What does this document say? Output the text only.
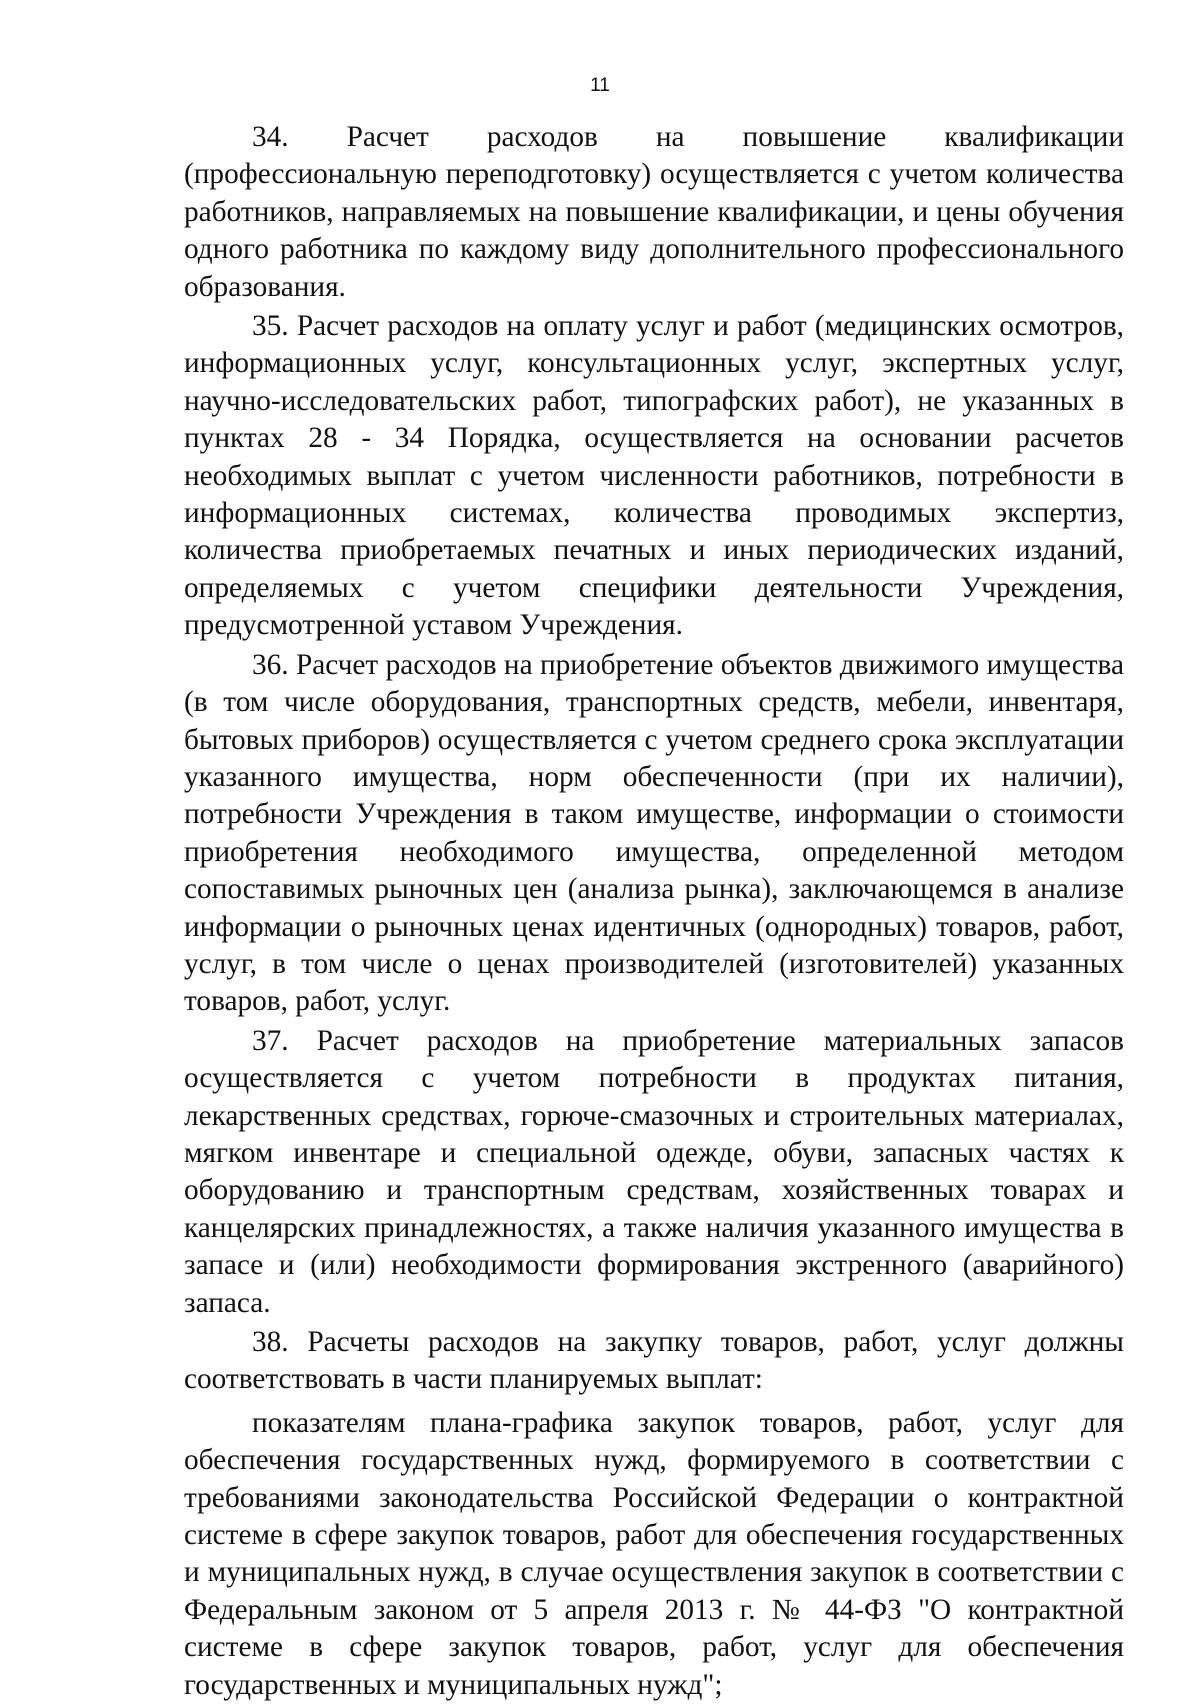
11

34. Расчет расходов на повышение квалификации (профессиональную переподготовку) осуществляется с учетом количества работников, направляемых на повышение квалификации, и цены обучения одного работника по каждому виду дополнительного профессионального образования.

35. Расчет расходов на оплату услуг и работ (медицинских осмотров, информационных услуг, консультационных услуг, экспертных услуг, научно-исследовательских работ, типографских работ), не указанных в пунктах 28 - 34 Порядка, осуществляется на основании расчетов необходимых выплат с учетом численности работников, потребности в информационных системах, количества проводимых экспертиз, количества приобретаемых печатных и иных периодических изданий, определяемых с учетом специфики деятельности Учреждения, предусмотренной уставом Учреждения.

36. Расчет расходов на приобретение объектов движимого имущества (в том числе оборудования, транспортных средств, мебели, инвентаря, бытовых приборов) осуществляется с учетом среднего срока эксплуатации указанного имущества, норм обеспеченности (при их наличии), потребности Учреждения в таком имуществе, информации о стоимости приобретения необходимого имущества, определенной методом сопоставимых рыночных цен (анализа рынка), заключающемся в анализе информации о рыночных ценах идентичных (однородных) товаров, работ, услуг, в том числе о ценах производителей (изготовителей) указанных товаров, работ, услуг.

37. Расчет расходов на приобретение материальных запасов осуществляется с учетом потребности в продуктах питания, лекарственных средствах, горюче-смазочных и строительных материалах, мягком инвентаре и специальной одежде, обуви, запасных частях к оборудованию и транспортным средствам, хозяйственных товарах и канцелярских принадлежностях, а также наличия указанного имущества в запасе и (или) необходимости формирования экстренного (аварийного) запаса.

38. Расчеты расходов на закупку товаров, работ, услуг должны соответствовать в части планируемых выплат:

показателям плана-графика закупок товаров, работ, услуг для обеспечения государственных нужд, формируемого в соответствии с требованиями законодательства Российской Федерации о контрактной системе в сфере закупок товаров, работ для обеспечения государственных и муниципальных нужд, в случае осуществления закупок в соответствии с Федеральным законом от 5 апреля 2013 г. № 44-ФЗ "О контрактной системе в сфере закупок товаров, работ, услуг для обеспечения государственных и муниципальных нужд";
